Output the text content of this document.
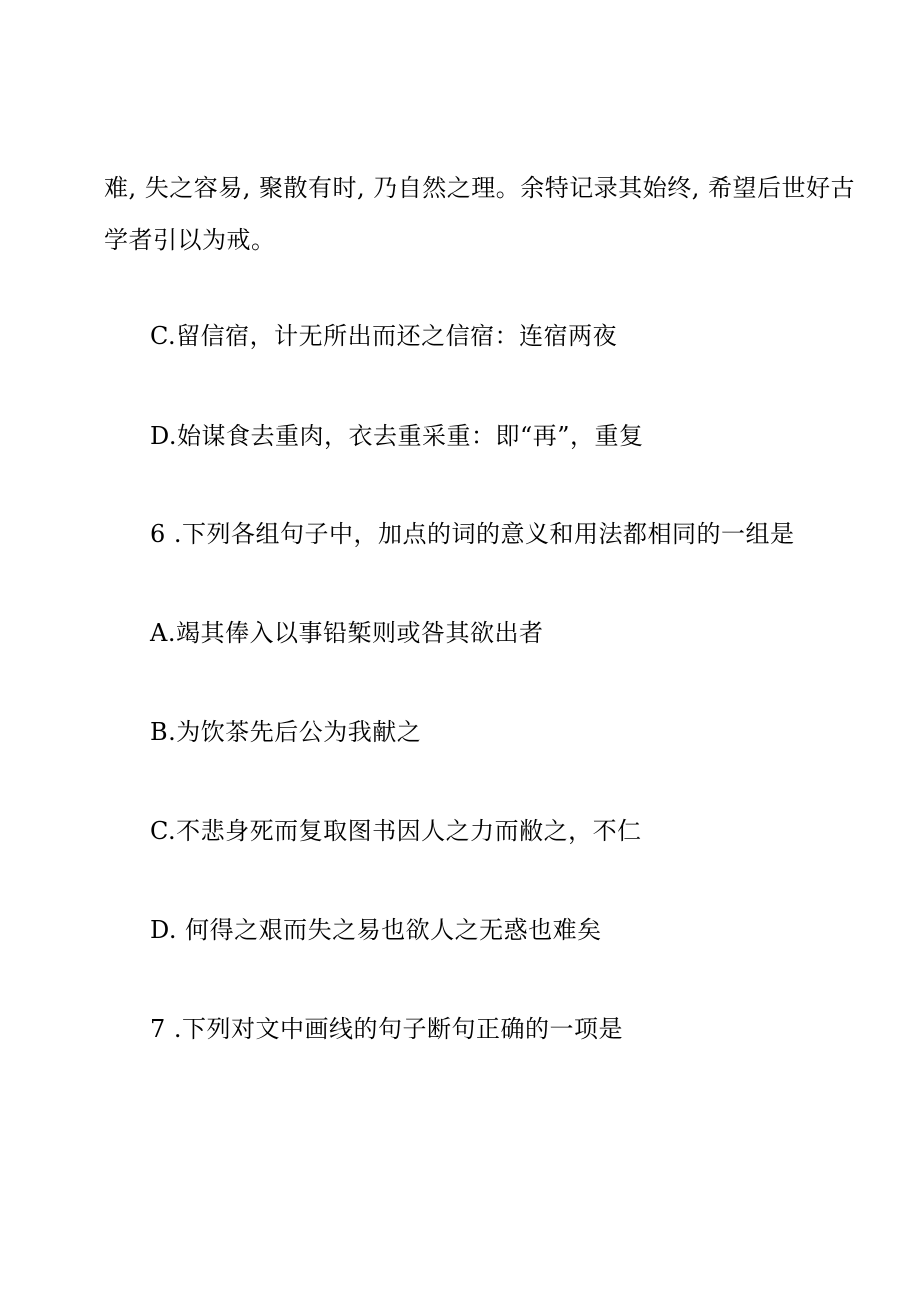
难, 失之容易, 聚散有时, 乃自然之理。余特记录其始终, 希望后世好古
学者引以为戒。
C.留信宿，计无所出而还之信宿：连宿两夜
D.始谋食去重肉，衣去重采重：即“再”，重复
6 .下列各组句子中，加点的词的意义和用法都相同的一组是
A.竭其俸入以事铅椠则或咎其欲出者
B.为饮茶先后公为我献之
C.不悲身死而复取图书因人之力而敝之，不仁
D. 何得之艰而失之易也欲人之无惑也难矣
7 .下列对文中画线的句子断句正确的一项是
